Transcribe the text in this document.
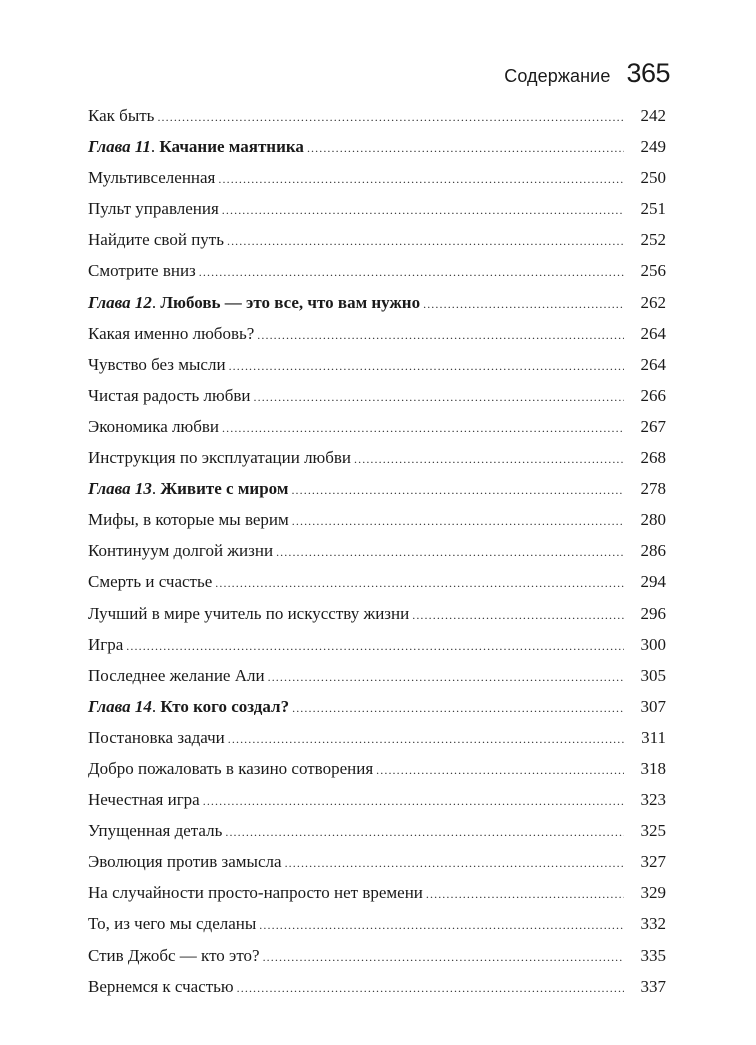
Содержание 365
Как быть .....	242
Глава 11. Качание маятника .....	249
Мультивселенная .....	250
Пульт управления .....	251
Найдите свой путь .....	252
Смотрите вниз .....	256
Глава 12. Любовь — это все, что вам нужно .....	262
Какая именно любовь? .....	264
Чувство без мысли .....	264
Чистая радость любви .....	266
Экономика любви .....	267
Инструкция по эксплуатации любви .....	268
Глава 13. Живите с миром .....	278
Мифы, в которые мы верим .....	280
Континуум долгой жизни .....	286
Смерть и счастье .....	294
Лучший в мире учитель по искусству жизни .....	296
Игра .....	300
Последнее желание Али .....	305
Глава 14. Кто кого создал? .....	307
Постановка задачи .....	311
Добро пожаловать в казино сотворения .....	318
Нечестная игра .....	323
Упущенная деталь .....	325
Эволюция против замысла .....	327
На случайности просто-напросто нет времени .....	329
То, из чего мы сделаны .....	332
Стив Джобс — кто это? .....	335
Вернемся к счастью .....	337
